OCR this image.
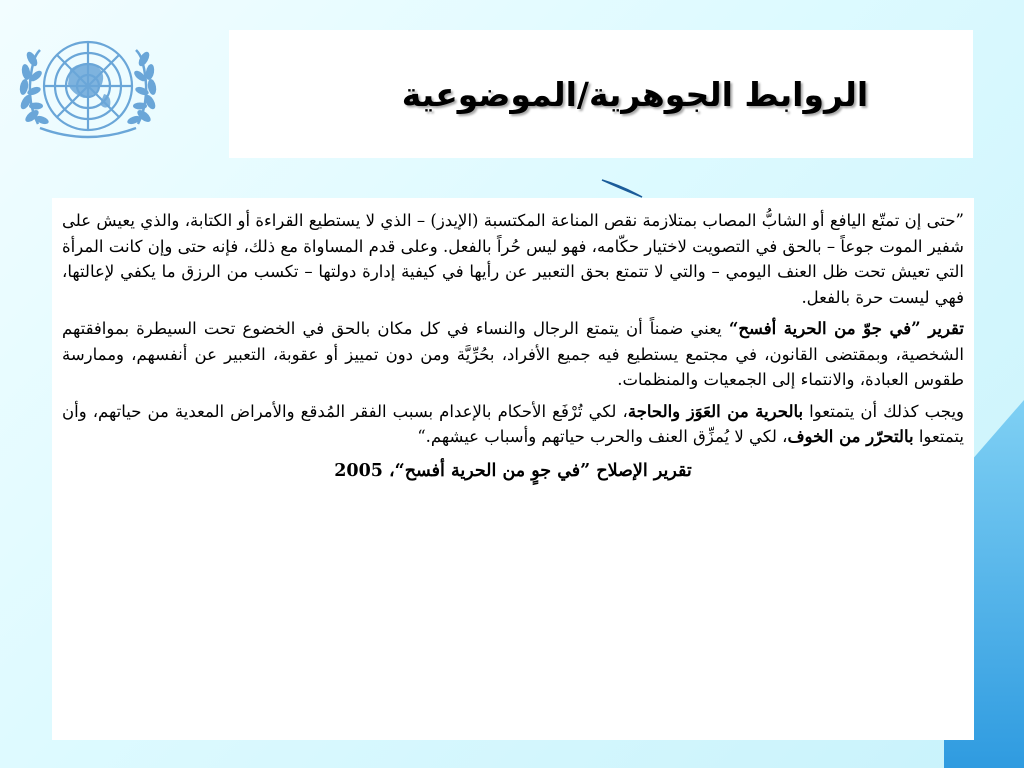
الروابط الجوهرية/الموضوعية

”حتى إن تمتّع اليافع أو الشابُّ المصاب بمتلازمة نقص المناعة المكتسبة (الإيدز) – الذي لا يستطيع القراءة أو الكتابة، والذي يعيش على شفير الموت جوعاً – بالحق في التصويت لاختيار حكّامه، فهو ليس حُراً بالفعل. وعلى قدم المساواة مع ذلك، فإنه حتى وإن كانت المرأة التي تعيش تحت ظل العنف اليومي – والتي لا تتمتع بحق التعبير عن رأيها في كيفية إدارة دولتها – تكسب من الرزق ما يكفي لإعالتها، فهي ليست حرة بالفعل.

تقرير ”في جوّ من الحرية أفسح“ يعني ضمناً أن يتمتع الرجال والنساء في كل مكان بالحق في الخضوع تحت السيطرة بموافقتهم الشخصية، وبمقتضى القانون، في مجتمع يستطيع فيه جميع الأفراد، بحُرِّيَّة ومن دون تمييز أو عقوبة، التعبير عن أنفسهم، وممارسة طقوس العبادة، والانتماء إلى الجمعيات والمنظمات.

ويجب كذلك أن يتمتعوا بالحرية من العَوَز والحاجة، لكي تُرْفَع الأحكام بالإعدام بسبب الفقر المُدقع والأمراض المعدية من حياتهم، وأن يتمتعوا بالتحرّر من الخوف، لكي لا يُمزِّق العنف والحرب حياتهم وأسباب عيشهم.“

تقرير الإصلاح ”في جوٍ من الحرية أفسح“، 2005
